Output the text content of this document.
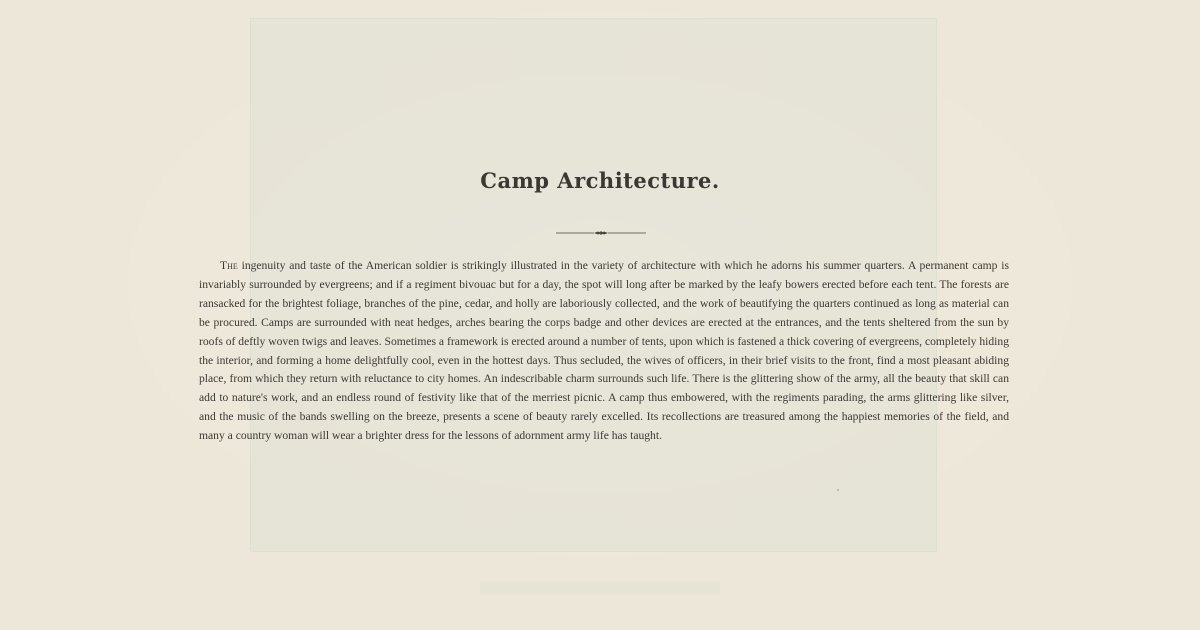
Camp Architecture.

The ingenuity and taste of the American soldier is strikingly illustrated in the variety of architecture with which he adorns his summer quarters. A permanent camp is invariably surrounded by evergreens; and if a regiment bivouac but for a day, the spot will long after be marked by the leafy bowers erected before each tent. The forests are ransacked for the brightest foliage, branches of the pine, cedar, and holly are laboriously collected, and the work of beautifying the quarters continued as long as material can be procured. Camps are surrounded with neat hedges, arches bearing the corps badge and other devices are erected at the entrances, and the tents sheltered from the sun by roofs of deftly woven twigs and leaves. Sometimes a framework is erected around a number of tents, upon which is fastened a thick covering of evergreens, completely hiding the interior, and forming a home delightfully cool, even in the hottest days. Thus secluded, the wives of officers, in their brief visits to the front, find a most pleasant abiding place, from which they return with reluctance to city homes. An indescribable charm surrounds such life. There is the glittering show of the army, all the beauty that skill can add to nature's work, and an endless round of festivity like that of the merriest picnic. A camp thus embowered, with the regiments parading, the arms glittering like silver, and the music of the bands swelling on the breeze, presents a scene of beauty rarely excelled. Its recollections are treasured among the happiest memories of the field, and many a country woman will wear a brighter dress for the lessons of adornment army life has taught.
